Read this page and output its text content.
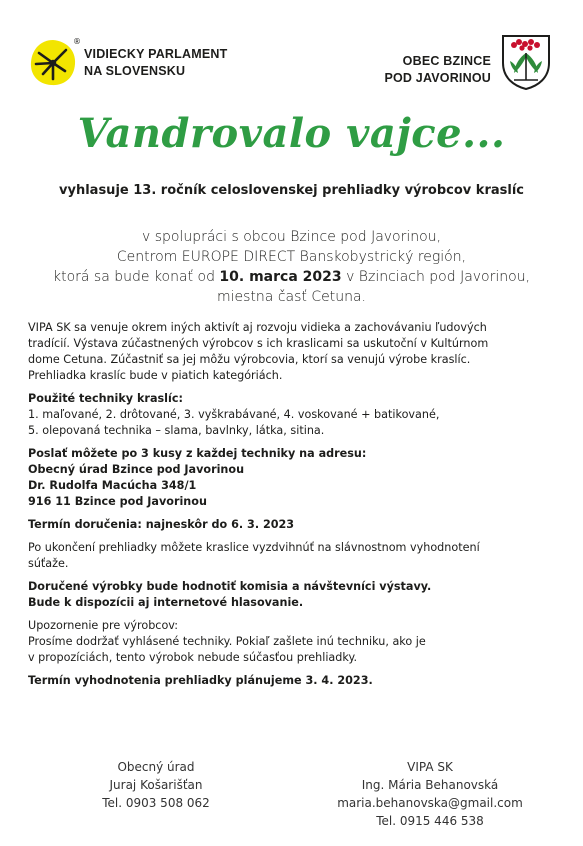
VIDIECKY PARLAMENT
NA SLOVENSKU
®
OBEC BZINCE
POD JAVORINOU
Vandrovalo vajce...
vyhlasuje 13. ročník celoslovenskej prehliadky výrobcov kraslíc
v spolupráci s obcou Bzince pod Javorinou,
Centrom EUROPE DIRECT Banskobystrický región,
ktorá sa bude konať od 10. marca 2023 v Bzinciach pod Javorinou,
miestna časť Cetuna.

VIPA SK sa venuje okrem iných aktivít aj rozvoju vidieka a zachovávaniu ľudových
tradícií. Výstava zúčastnených výrobcov s ich kraslicami sa uskutoční v Kultúrnom
dome Cetuna. Zúčastniť sa jej môžu výrobcovia, ktorí sa venujú výrobe kraslíc.
Prehliadka kraslíc bude v piatich kategóriách.

Použité techniky kraslíc:
1. maľované, 2. drôtované, 3. vyškrabávané, 4. voskované + batikované,
5. olepovaná technika – slama, bavlnky, látka, sitina.

Poslať môžete po 3 kusy z každej techniky na adresu:
Obecný úrad Bzince pod Javorinou
Dr. Rudolfa Macúcha 348/1
916 11 Bzince pod Javorinou

Termín doručenia: najneskôr do 6. 3. 2023

Po ukončení prehliadky môžete kraslice vyzdvihnúť na slávnostnom vyhodnotení
súťaže.

Doručené výrobky bude hodnotiť komisia a návštevníci výstavy.
Bude k dispozícii aj internetové hlasovanie.

Upozornenie pre výrobcov:
Prosíme dodržať vyhlásené techniky. Pokiaľ zašlete inú techniku, ako je
v propozíciách, tento výrobok nebude súčasťou prehliadky.

Termín vyhodnotenia prehliadky plánujeme 3. 4. 2023.

Obecný úrad
Juraj Košarišťan
Tel. 0903 508 062
VIPA SK
Ing. Mária Behanovská
maria.behanovska@gmail.com
Tel. 0915 446 538
